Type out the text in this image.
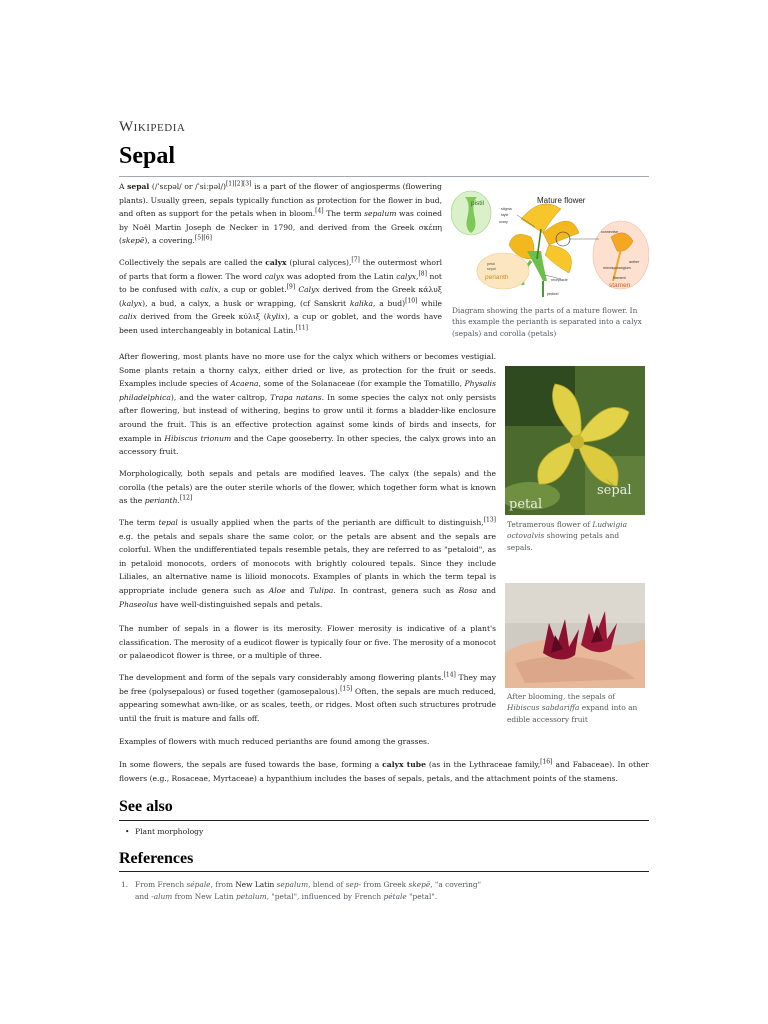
Wikipedia
Sepal

A sepal (/ˈsɛpəl/ or /ˈsiːpəl/)[1][2][3] is a part of the flower of angiosperms (flowering plants). Usually green, sepals typically function as protection for the flower in bud, and often as support for the petals when in bloom.[4] The term sepalum was coined by Noël Martin Joseph de Necker in 1790, and derived from the Greek σκέπη (skepē), a covering.[5][6]

Collectively the sepals are called the calyx (plural calyces),[7] the outermost whorl of parts that form a flower. The word calyx was adopted from the Latin calyx,[8] not to be confused with calix, a cup or goblet.[9] Calyx derived from the Greek κάλυξ (kalyx), a bud, a calyx, a husk or wrapping, (cf Sanskrit kalika, a bud)[10] while calix derived from the Greek κύλιξ (kylix), a cup or goblet, and the words have been used interchangeably in botanical Latin.[11]

After flowering, most plants have no more use for the calyx which withers or becomes vestigial. Some plants retain a thorny calyx, either dried or live, as protection for the fruit or seeds. Examples include species of Acaena, some of the Solanaceae (for example the Tomatillo, Physalis philadelphica), and the water caltrop, Trapa natans. In some species the calyx not only persists after flowering, but instead of withering, begins to grow until it forms a bladder-like enclosure around the fruit. This is an effective protection against some kinds of birds and insects, for example in Hibiscus trionum and the Cape gooseberry. In other species, the calyx grows into an accessory fruit.

Morphologically, both sepals and petals are modified leaves. The calyx (the sepals) and the corolla (the petals) are the outer sterile whorls of the flower, which together form what is known as the perianth.[12]

The term tepal is usually applied when the parts of the perianth are difficult to distinguish,[13] e.g. the petals and sepals share the same color, or the petals are absent and the sepals are colorful. When the undifferentiated tepals resemble petals, they are referred to as "petaloid", as in petaloid monocots, orders of monocots with brightly coloured tepals. Since they include Liliales, an alternative name is lilioid monocots. Examples of plants in which the term tepal is appropriate include genera such as Aloe and Tulipa. In contrast, genera such as Rosa and Phaseolus have well-distinguished sepals and petals.

The number of sepals in a flower is its merosity. Flower merosity is indicative of a plant's classification. The merosity of a eudicot flower is typically four or five. The merosity of a monocot or palaeodicot flower is three, or a multiple of three.

The development and form of the sepals vary considerably among flowering plants.[14] They may be free (polysepalous) or fused together (gamosepalous).[15] Often, the sepals are much reduced, appearing somewhat awn-like, or as scales, teeth, or ridges. Most often such structures protrude until the fruit is mature and falls off.

Examples of flowers with much reduced perianths are found among the grasses.

In some flowers, the sepals are fused towards the base, forming a calyx tube (as in the Lythraceae family,[16] and Fabaceae). In other flowers (e.g., Rosaceae, Myrtaceae) a hypanthium includes the bases of sepals, petals, and the attachment points of the stamens.

See also
• Plant morphology
References
1. From French sépale, from New Latin sepalum, blend of sep- from Greek skepē, "a covering" and -alum from New Latin petalum, "petal", influenced by French pétale "petal".
Mature flower
pistil
stigma
style
ovary
petal
sepal
perianth	receptacle
pedicel
connective
anther
microsporangium
filament
stamen

Diagram showing the parts of a mature flower. In this example the perianth is separated into a calyx (sepals) and corolla (petals)

petal
sepal

Tetramerous flower of Ludwigia octovalvis showing petals and sepals.

After blooming, the sepals of Hibiscus sabdariffa expand into an edible accessory fruit
